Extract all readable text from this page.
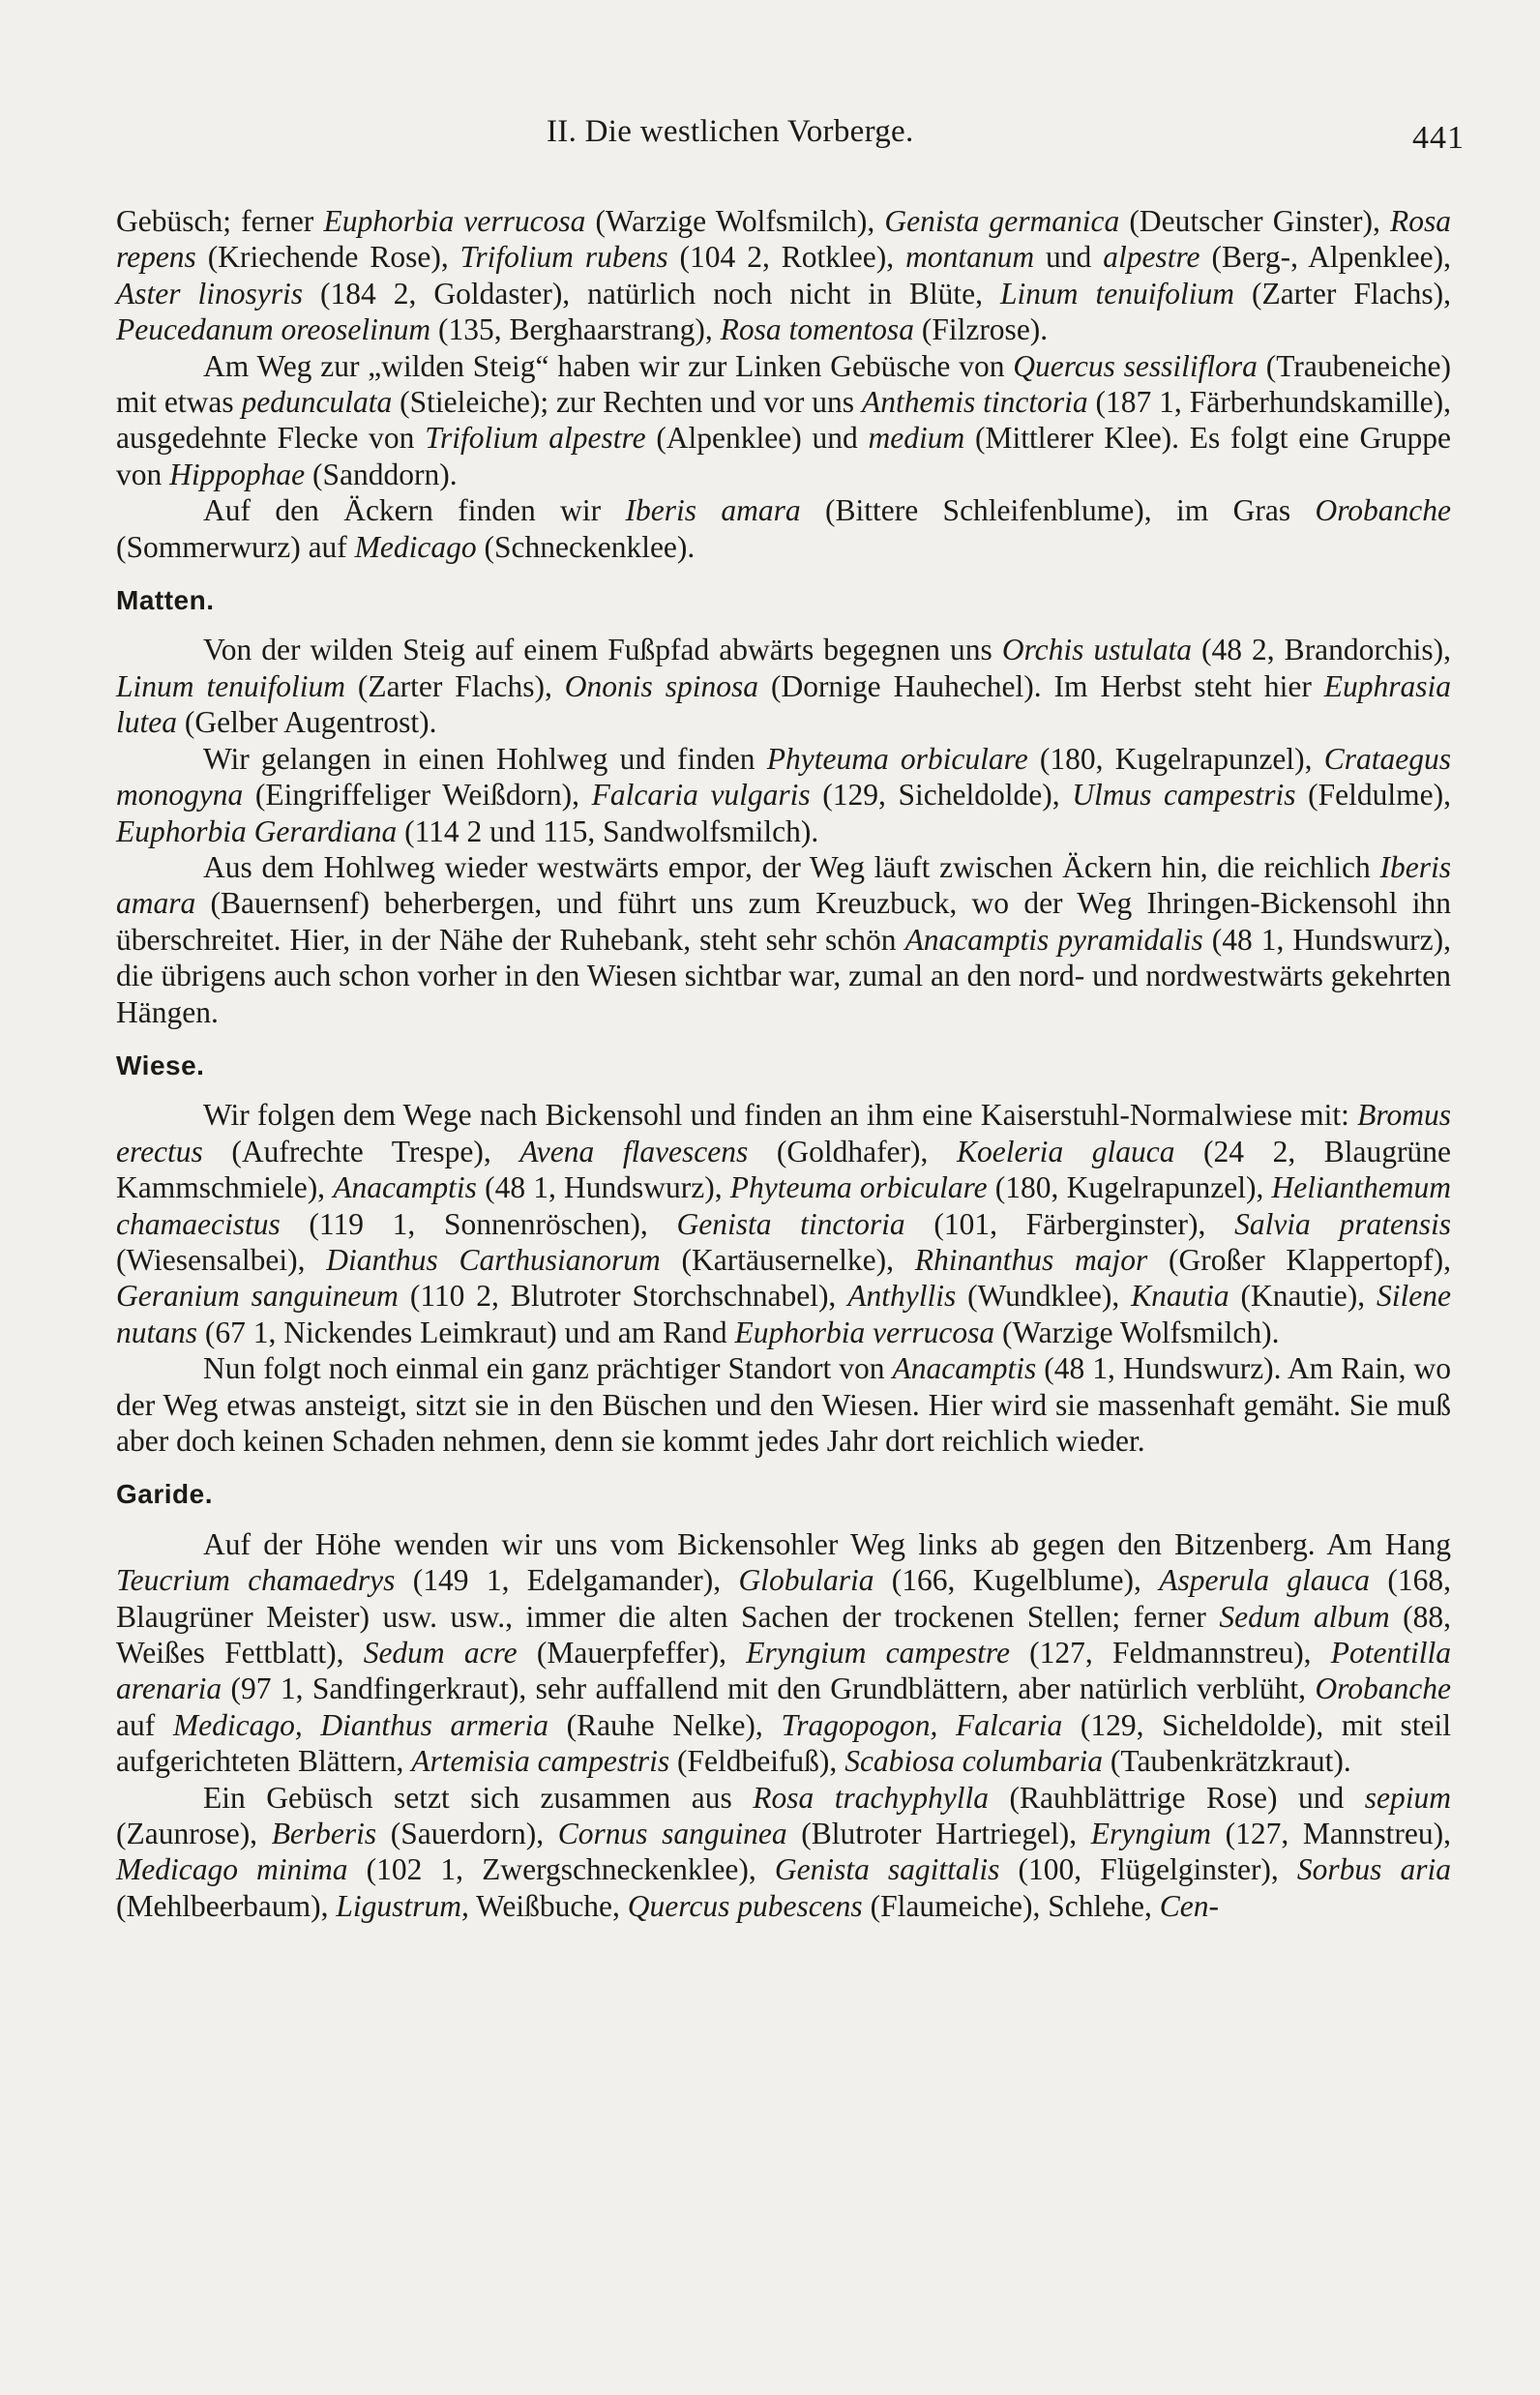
II. Die westlichen Vorberge.	441

Gebüsch; ferner Euphorbia verrucosa (Warzige Wolfsmilch), Genista germanica (Deutscher Ginster), Rosa repens (Kriechende Rose), Trifolium rubens (104 2, Rotklee), montanum und alpestre (Berg-, Alpenklee), Aster linosyris (184 2, Goldaster), natürlich noch nicht in Blüte, Linum tenuifolium (Zarter Flachs), Peucedanum oreoselinum (135, Berghaarstrang), Rosa tomentosa (Filzrose).

Am Weg zur „wilden Steig“ haben wir zur Linken Gebüsche von Quercus sessiliflora (Traubeneiche) mit etwas pedunculata (Stieleiche); zur Rechten und vor uns Anthemis tinctoria (187 1, Färberhundskamille), ausgedehnte Flecke von Trifolium alpestre (Alpenklee) und medium (Mittlerer Klee). Es folgt eine Gruppe von Hippophae (Sanddorn).

Auf den Äckern finden wir Iberis amara (Bittere Schleifenblume), im Gras Orobanche (Sommerwurz) auf Medicago (Schneckenklee).

Matten.

Von der wilden Steig auf einem Fußpfad abwärts begegnen uns Orchis ustulata (48 2, Brandorchis), Linum tenuifolium (Zarter Flachs), Ononis spinosa (Dornige Hauhechel). Im Herbst steht hier Euphrasia lutea (Gelber Augentrost).

Wir gelangen in einen Hohlweg und finden Phyteuma orbiculare (180, Kugelrapunzel), Crataegus monogyna (Eingriffeliger Weißdorn), Falcaria vulgaris (129, Sicheldolde), Ulmus campestris (Feldulme), Euphorbia Gerardiana (114 2 und 115, Sandwolfsmilch).

Aus dem Hohlweg wieder westwärts empor, der Weg läuft zwischen Äckern hin, die reichlich Iberis amara (Bauernsenf) beherbergen, und führt uns zum Kreuzbuck, wo der Weg Ihringen-Bickensohl ihn überschreitet. Hier, in der Nähe der Ruhebank, steht sehr schön Anacamptis pyramidalis (48 1, Hundswurz), die übrigens auch schon vorher in den Wiesen sichtbar war, zumal an den nord- und nordwestwärts gekehrten Hängen.

Wiese.

Wir folgen dem Wege nach Bickensohl und finden an ihm eine Kaiserstuhl-Normalwiese mit: Bromus erectus (Aufrechte Trespe), Avena flavescens (Goldhafer), Koeleria glauca (24 2, Blaugrüne Kammschmiele), Anacamptis (48 1, Hundswurz), Phyteuma orbiculare (180, Kugelrapunzel), Helianthemum chamaecistus (119 1, Sonnenröschen), Genista tinctoria (101, Färberginster), Salvia pratensis (Wiesensalbei), Dianthus Carthusianorum (Kartäusernelke), Rhinanthus major (Großer Klappertopf), Geranium sanguineum (110 2, Blutroter Storchschnabel), Anthyllis (Wundklee), Knautia (Knautie), Silene nutans (67 1, Nickendes Leimkraut) und am Rand Euphorbia verrucosa (Warzige Wolfsmilch).

Nun folgt noch einmal ein ganz prächtiger Standort von Anacamptis (48 1, Hundswurz). Am Rain, wo der Weg etwas ansteigt, sitzt sie in den Büschen und den Wiesen. Hier wird sie massenhaft gemäht. Sie muß aber doch keinen Schaden nehmen, denn sie kommt jedes Jahr dort reichlich wieder.

Garide.

Auf der Höhe wenden wir uns vom Bickensohler Weg links ab gegen den Bitzenberg. Am Hang Teucrium chamaedrys (149 1, Edelgamander), Globularia (166, Kugelblume), Asperula glauca (168, Blaugrüner Meister) usw. usw., immer die alten Sachen der trockenen Stellen; ferner Sedum album (88, Weißes Fettblatt), Sedum acre (Mauerpfeffer), Eryngium campestre (127, Feldmannstreu), Potentilla arenaria (97 1, Sandfingerkraut), sehr auffallend mit den Grundblättern, aber natürlich verblüht, Orobanche auf Medicago, Dianthus armeria (Rauhe Nelke), Tragopogon, Falcaria (129, Sicheldolde), mit steil aufgerichteten Blättern, Artemisia campestris (Feldbeifuß), Scabiosa columbaria (Taubenkrätzkraut).

Ein Gebüsch setzt sich zusammen aus Rosa trachyphylla (Rauhblättrige Rose) und sepium (Zaunrose), Berberis (Sauerdorn), Cornus sanguinea (Blutroter Hartriegel), Eryngium (127, Mannstreu), Medicago minima (102 1, Zwergschneckenklee), Genista sagittalis (100, Flügelginster), Sorbus aria (Mehlbeerbaum), Ligustrum, Weißbuche, Quercus pubescens (Flaumeiche), Schlehe, Cen-
